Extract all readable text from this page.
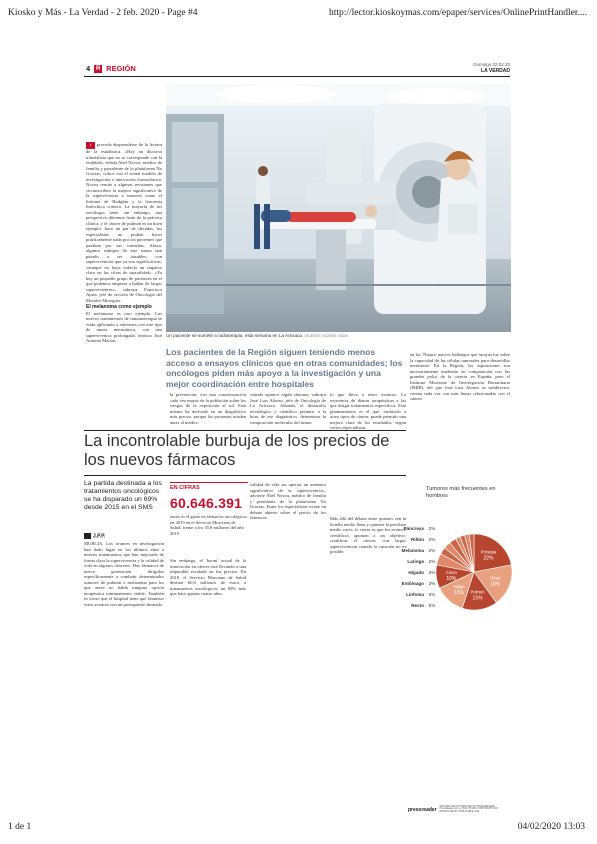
Kiosko y Más - La Verdad - 2 feb. 2020 - Page #4	http://lector.kioskoymas.com/epaper/services/OnlinePrintHandler....
1 de 1	04/02/2020 13:03
4 R REGIÓN	Domingo 02.02.20
LA VERDAD
› proceda desprenderse de la lectura de la estadística. «Hay un discurso triunfalista que no se corresponde con la realidad», señala Abel Novoa, médico de familia y presidente de la plataforma No Gracias, crítica con el actual modelo de investigación e innovación farmacéutica. Novoa remite a algunas revisiones que circunscriben la mejora significativa de la supervivencia a tumores como el linfoma de Hodgkin y la leucemia linfocítica crónica. La mayoría de los oncólogos tiene, sin embargo, una perspectiva diferente fruto de la práctica clínica, y el cáncer de pulmón es un buen ejemplo: hace un par de décadas, los especialistas no podían hacer prácticamente nada por los pacientes que pasaban por sus consultas. Ahora, algunos subtipos de este tumor han pasado a ser tratables, con supervivencias que ya son significativas, «aunque no haya todavía un impacto claro en las cifras de mortalidad». «Ya hay un pequeño grupo de pacientes en el que podemos empezar a hablar de largos supervivientes», subraya Francisco Ayala, jefe de sección de Oncología del Morales Meseguer.
El melanoma como ejemplo
El melanoma es otro ejemplo. Los nuevos tratamientos de inmunoterapia se están aplicando a enfermos con este tipo de tumor metastásico, con una supervivencia prolongada, destaca José Antonio Macías.
Un paciente se somete a radioterapia, esta semana en La Arrixaca. VICENTE VICÉNS / AGM
Los pacientes de la Región siguen teniendo menos acceso a ensayos clínicos que en otras comunidades; los oncólogos piden más apoyo a la investigación y una mejor coordinación entre hospitales
la prevención, con una concienciación cada vez mayor de la población sobre los riesgos de la exposición al sol. Este mismo ha derivado en un diagnóstico más precoz, porque los pacientes acuden antes al médico
cuando aparece algún síntoma, subraya José Luis Alonso, jefe de Oncología de La Arrixaca. Además, el desarrollo tecnológico y científico permite, a la hora de ese diagnóstico, determinar la composición molecular del tumor
lo que lleva a tener avances. La existencia de dianas terapéuticas a las que dirigir tratamientos específicos. Este planteamiento es el que, traducido a otros tipos de cáncer, puede permitir una mejora clara de los resultados, según varios especialistas.
en los 'Natura' nuevos hallazgos que arrojan luz sobre la capacidad de las células tumorales para desarrollar metástasis. En la Región, las aspiraciones son necesariamente modestas en comparación con los grandes polos de la ciencia en España, pero el Instituto Murciano de Investigación Biosanitaria (IMIB), del que José Luis Alonso es subdirector, cuenta cada vez con más líneas relacionadas con el cáncer.
La incontrolable burbuja de los precios de los nuevos fármacos
La partida destinada a los tratamientos oncológicos se ha disparado un 69% desde 2015 en el SMS
J.P.P.
MURCIA. Los avances en investigación han dado lugar en los últimos años a nuevos tratamientos que han mejorado de forma clara la supervivencia y la calidad de vida en algunos cánceres. Hay fármacos de nueva generación dirigidos específicamente a combatir determinados tumores de pulmón o melanoma para los que antes no había ninguna opción terapéutica mínimamente viable. También es cierto que el hospital tiene que financiar estos avances con un presupuesto limitado.
EN CIFRAS
60.646.391
euros es el gasto en fármacos oncológicos en 2019 en el Servicio Murciano de Salud, frente a los 35,8 millones del año 2015
Sin embargo, el 'boom' actual de la innovación en cáncer está llevando a una imparable escalada en los precios. En 2019, el Servicio Murciano de Salud destinó 60,6 millones de euros a tratamientos oncológicos, un 69% más que hace apenas cuatro años.
calidad de vida sin aportar un aumento significativo de la supervivencia», advierte Abel Novoa, médico de familia y presidente de la plataforma No Gracias. Entre los especialistas existe un debate abierto sobre el precio de los fármacos.	Más allá del debate entre quienes ven la botella medio llena y quienes la perciben medio vacía, lo cierto es que los avances científicos apuntan a un objetivo: cronificar el cáncer, con largas supervivencias cuando la curación no es posible.
Tumores más frecuentes en hombres
Próstata
22%
Otros
18%
Pulmón
15%
Vejiga
13%
Colon
10%
Páncreas 2%
Riñón 2%
Melanoma 2%
Laringe 2%
Hígado 3%
Estómago 3%
Linfoma 3%
Recto 5%
pressreader
PRINTED AND DISTRIBUTED BY PRESSREADER PressReader.com +1 604 278 4604 COPYRIGHT AND PROTECTED BY APPLICABLE LAW
